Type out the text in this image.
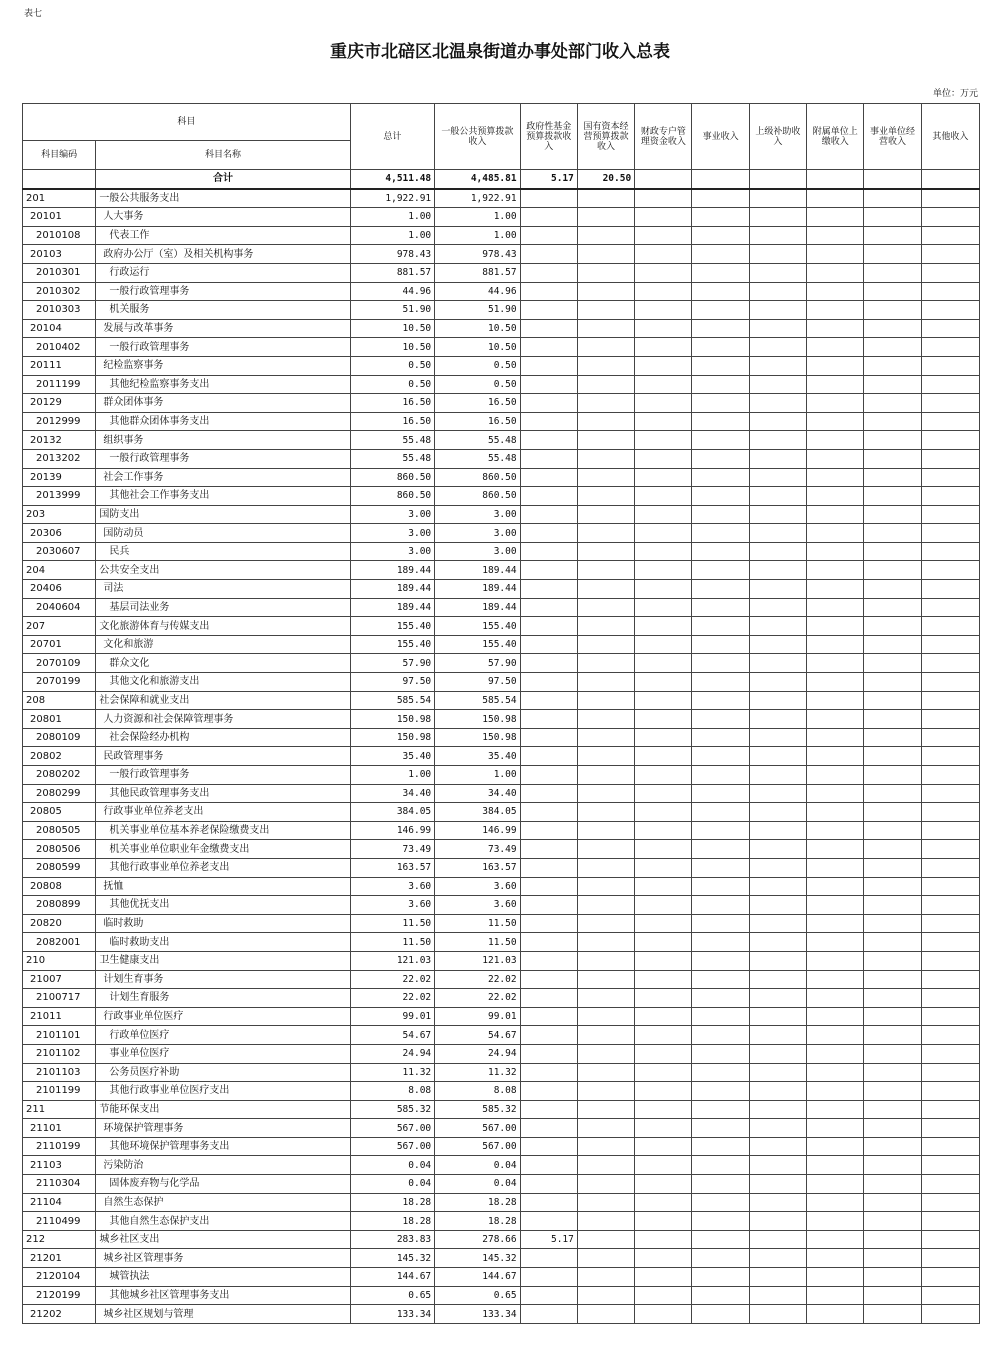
表七
重庆市北碚区北温泉街道办事处部门收入总表
单位：万元
科目		总计	一般公共预算拨款收入	政府性基金预算拨款收入	国有资本经营预算拨款收入	财政专户管理资金收入	事业收入	上级补助收入	附属单位上缴收入	事业单位经营收入	其他收入
科目编码	科目名称										
	合计	4,511.48	4,485.81	5.17	20.50						
201	一般公共服务支出	1,922.91	1,922.91								
20101	人大事务	1.00	1.00								
2010108	代表工作	1.00	1.00								
20103	政府办公厅（室）及相关机构事务	978.43	978.43								
2010301	行政运行	881.57	881.57								
2010302	一般行政管理事务	44.96	44.96								
2010303	机关服务	51.90	51.90								
20104	发展与改革事务	10.50	10.50								
2010402	一般行政管理事务	10.50	10.50								
20111	纪检监察事务	0.50	0.50								
2011199	其他纪检监察事务支出	0.50	0.50								
20129	群众团体事务	16.50	16.50								
2012999	其他群众团体事务支出	16.50	16.50								
20132	组织事务	55.48	55.48								
2013202	一般行政管理事务	55.48	55.48								
20139	社会工作事务	860.50	860.50								
2013999	其他社会工作事务支出	860.50	860.50								
203	国防支出	3.00	3.00								
20306	国防动员	3.00	3.00								
2030607	民兵	3.00	3.00								
204	公共安全支出	189.44	189.44								
20406	司法	189.44	189.44								
2040604	基层司法业务	189.44	189.44								
207	文化旅游体育与传媒支出	155.40	155.40								
20701	文化和旅游	155.40	155.40								
2070109	群众文化	57.90	57.90								
2070199	其他文化和旅游支出	97.50	97.50								
208	社会保障和就业支出	585.54	585.54								
20801	人力资源和社会保障管理事务	150.98	150.98								
2080109	社会保险经办机构	150.98	150.98								
20802	民政管理事务	35.40	35.40								
2080202	一般行政管理事务	1.00	1.00								
2080299	其他民政管理事务支出	34.40	34.40								
20805	行政事业单位养老支出	384.05	384.05								
2080505	机关事业单位基本养老保险缴费支出	146.99	146.99								
2080506	机关事业单位职业年金缴费支出	73.49	73.49								
2080599	其他行政事业单位养老支出	163.57	163.57								
20808	抚恤	3.60	3.60								
2080899	其他优抚支出	3.60	3.60								
20820	临时救助	11.50	11.50								
2082001	临时救助支出	11.50	11.50								
210	卫生健康支出	121.03	121.03								
21007	计划生育事务	22.02	22.02								
2100717	计划生育服务	22.02	22.02								
21011	行政事业单位医疗	99.01	99.01								
2101101	行政单位医疗	54.67	54.67								
2101102	事业单位医疗	24.94	24.94								
2101103	公务员医疗补助	11.32	11.32								
2101199	其他行政事业单位医疗支出	8.08	8.08								
211	节能环保支出	585.32	585.32								
21101	环境保护管理事务	567.00	567.00								
2110199	其他环境保护管理事务支出	567.00	567.00								
21103	污染防治	0.04	0.04								
2110304	固体废弃物与化学品	0.04	0.04								
21104	自然生态保护	18.28	18.28								
2110499	其他自然生态保护支出	18.28	18.28								
212	城乡社区支出	283.83	278.66	5.17							
21201	城乡社区管理事务	145.32	145.32								
2120104	城管执法	144.67	144.67								
2120199	其他城乡社区管理事务支出	0.65	0.65								
21202	城乡社区规划与管理	133.34	133.34								
